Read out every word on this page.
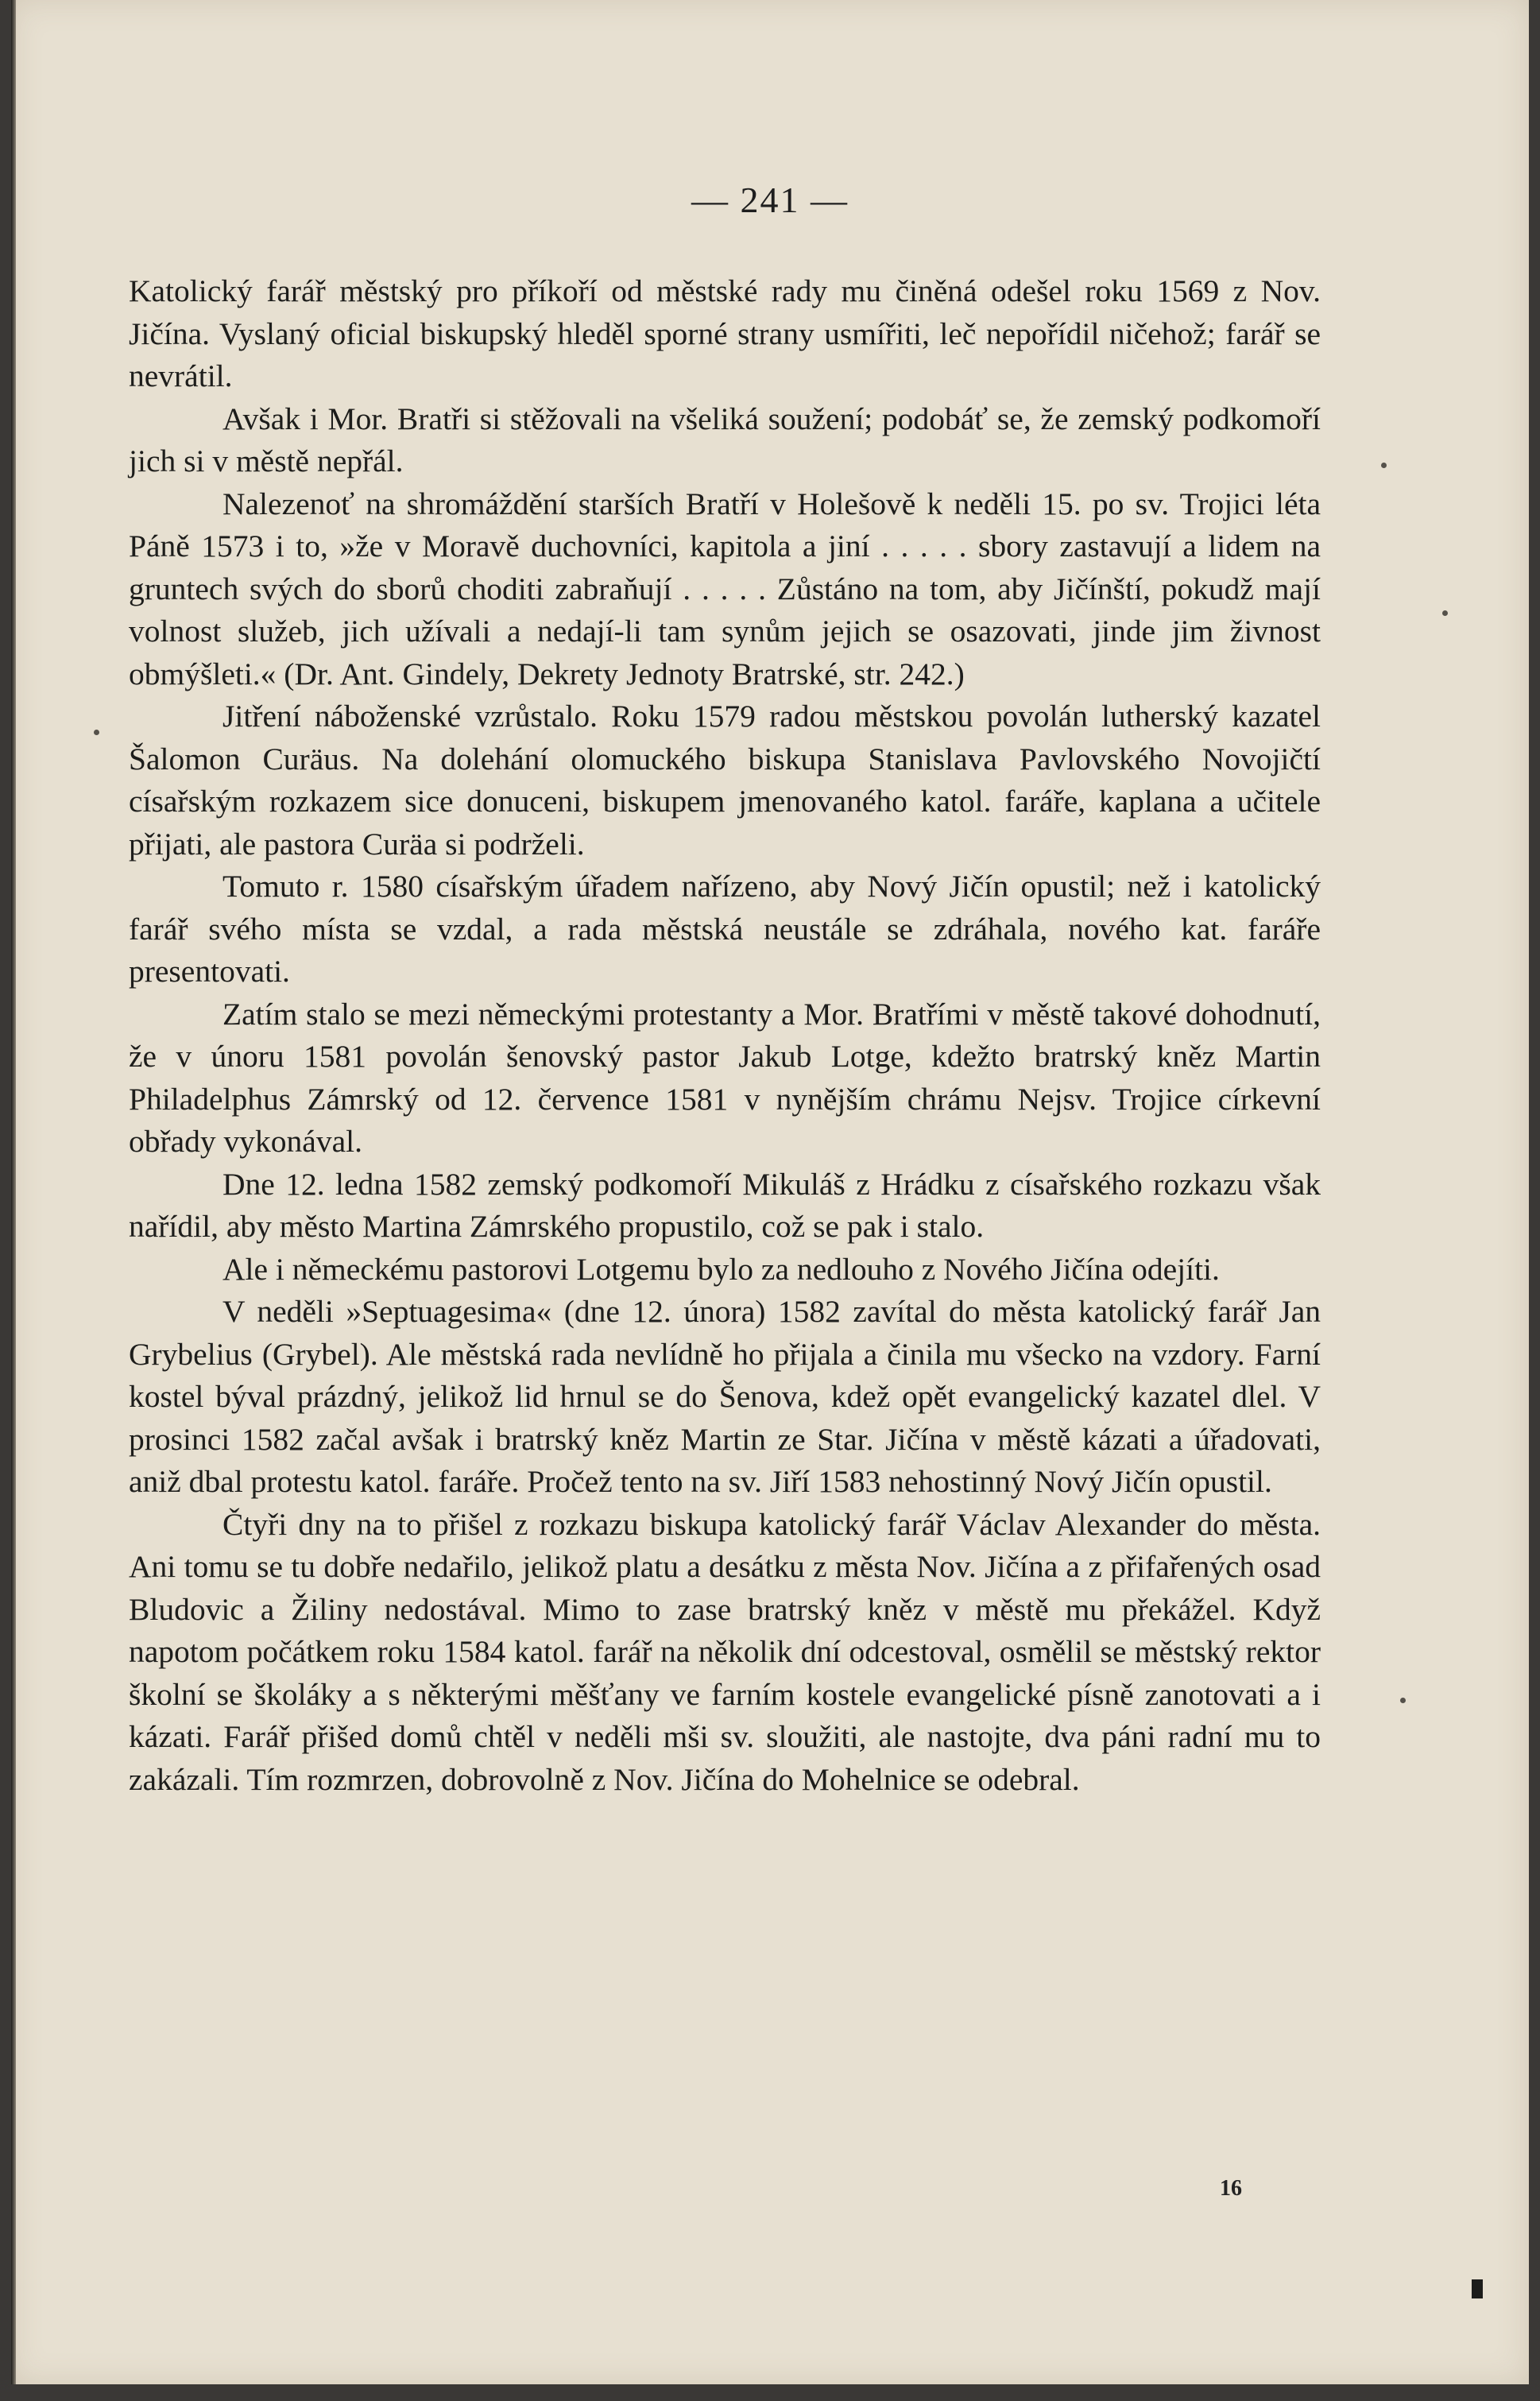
— 241 —

Katolický farář městský pro příkoří od městské rady mu činěná odešel roku 1569 z Nov. Jičína. Vyslaný oficial biskupský hleděl sporné strany usmířiti, leč nepořídil ničehož; farář se nevrátil.

Avšak i Mor. Bratři si stěžovali na všeliká soužení; podobáť se, že zemský podkomoří jich si v městě nepřál.

Nalezenoť na shromáždění starších Bratří v Holešově k neděli 15. po sv. Trojici léta Páně 1573 i to, »že v Moravě duchovníci, kapitola a jiní . . . . . sbory zastavují a lidem na gruntech svých do sborů choditi zabraňují . . . . . Zůstáno na tom, aby Jičínští, pokudž mají volnost služeb, jich užívali a nedají-li tam synům jejich se osazovati, jinde jim živnost obmýšleti.« (Dr. Ant. Gindely, Dekrety Jednoty Bratrské, str. 242.)

Jitření náboženské vzrůstalo. Roku 1579 radou městskou povolán lutherský kazatel Šalomon Curäus. Na dolehání olomuckého biskupa Stanislava Pavlovského Novojičtí císařským rozkazem sice donuceni, biskupem jmenovaného katol. faráře, kaplana a učitele přijati, ale pastora Curäa si podrželi.

Tomuto r. 1580 císařským úřadem nařízeno, aby Nový Jičín opustil; než i katolický farář svého místa se vzdal, a rada městská neustále se zdráhala, nového kat. faráře presentovati.

Zatím stalo se mezi německými protestanty a Mor. Bratřími v městě takové dohodnutí, že v únoru 1581 povolán šenovský pastor Jakub Lotge, kdežto bratrský kněz Martin Philadelphus Zámrský od 12. července 1581 v nynějším chrámu Nejsv. Trojice církevní obřady vykonával.

Dne 12. ledna 1582 zemský podkomoří Mikuláš z Hrádku z císařského rozkazu však nařídil, aby město Martina Zámrského propustilo, což se pak i stalo.

Ale i německému pastorovi Lotgemu bylo za nedlouho z Nového Jičína odejíti.

V neděli »Septuagesima« (dne 12. února) 1582 zavítal do města katolický farář Jan Grybelius (Grybel). Ale městská rada nevlídně ho přijala a činila mu všecko na vzdory. Farní kostel býval prázdný, jelikož lid hrnul se do Šenova, kdež opět evangelický kazatel dlel. V prosinci 1582 začal avšak i bratrský kněz Martin ze Star. Jičína v městě kázati a úřadovati, aniž dbal protestu katol. faráře. Pročež tento na sv. Jiří 1583 nehostinný Nový Jičín opustil.

Čtyři dny na to přišel z rozkazu biskupa katolický farář Václav Alexander do města. Ani tomu se tu dobře nedařilo, jelikož platu a desátku z města Nov. Jičína a z přifařených osad Bludovic a Žiliny nedostával. Mimo to zase bratrský kněz v městě mu překážel. Když napotom počátkem roku 1584 katol. farář na několik dní odcestoval, osmělil se městský rektor školní se školáky a s některými měšťany ve farním kostele evangelické písně zanotovati a i kázati. Farář přišed domů chtěl v neděli mši sv. sloužiti, ale nastojte, dva páni radní mu to zakázali. Tím rozmrzen, dobrovolně z Nov. Jičína do Mohelnice se odebral.

16
